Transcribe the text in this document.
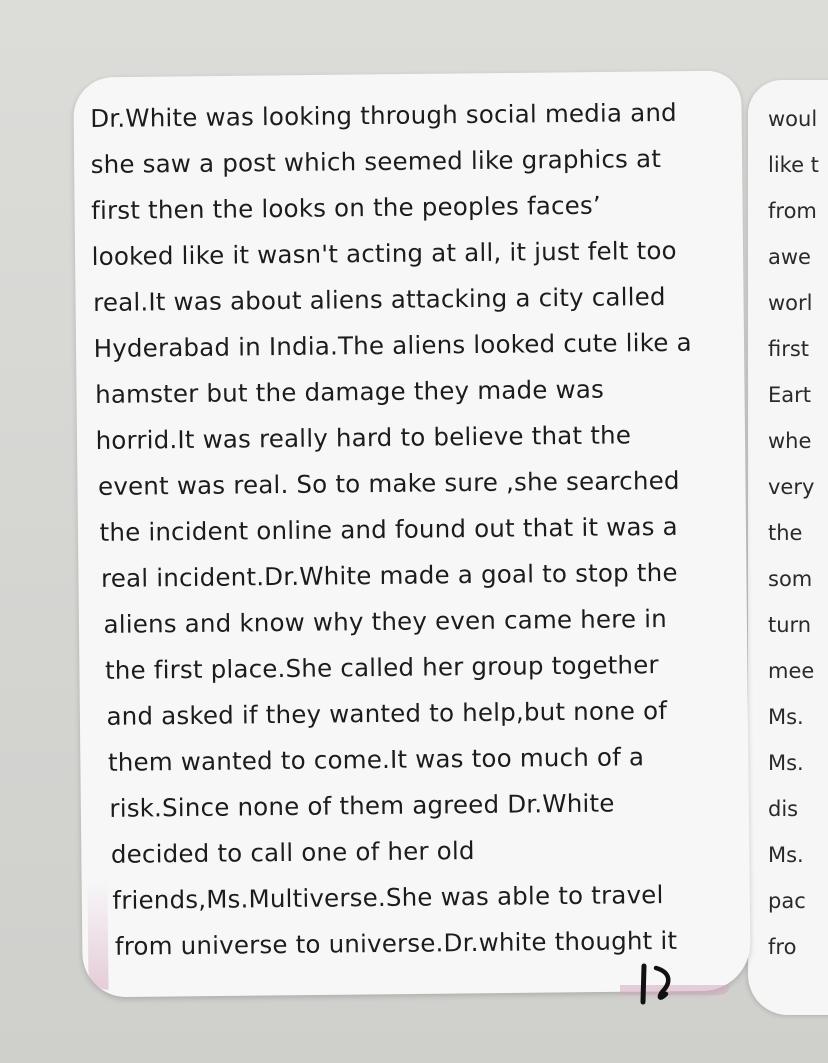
Dr.White was looking through social media and
she saw a post which seemed like graphics at
first then the looks on the peoples faces’
looked like it wasn't acting at all, it just felt too
real.It was about aliens attacking a city called
Hyderabad in India.The aliens looked cute like a
hamster but the damage they made was
horrid.It was really hard to believe that the
event was real. So to make sure ,she searched
the incident online and found out that it was a
real incident.Dr.White made a goal to stop the
aliens and know why they even came here in
the first place.She called her group together
and asked if they wanted to help,but none of
them wanted to come.It was too much of a
risk.Since none of them agreed Dr.White
decided to call one of her old
friends,Ms.Multiverse.She was able to travel
from universe to universe.Dr.white thought it
woul
like t
from
awe
worl
first
Eart
whe
very
the
som
turn
mee
Ms.
Ms.
dis
Ms.
pac
fro
